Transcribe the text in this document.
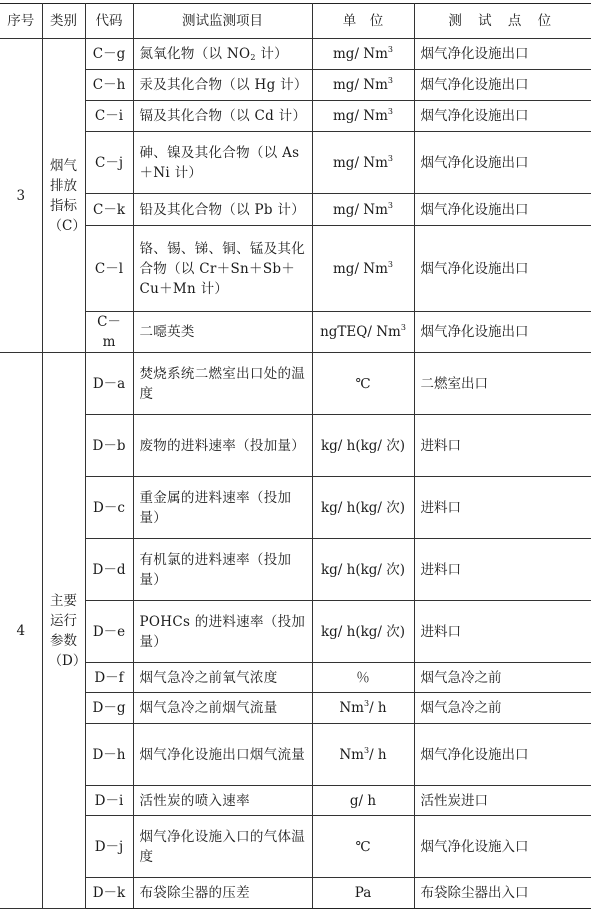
序号	类别	代码	测试监测项目	单　位	测 试 点 位
3	烟气排放指标（C）	C－g	氮氧化物（以 $NO_2$ 计）	mg/ Nm$^3$	烟气净化设施出口
		C－h	汞及其化合物（以 Hg 计）	mg/ Nm$^3$	烟气净化设施出口
		C－i	镉及其化合物（以 Cd 计）	mg/ Nm$^3$	烟气净化设施出口
		C－j	砷、镍及其化合物（以 As＋Ni 计）	mg/ Nm$^3$	烟气净化设施出口
		C－k	铅及其化合物（以 Pb 计）	mg/ Nm$^3$	烟气净化设施出口
		C－l	铬、锡、锑、铜、锰及其化合物（以 Cr＋Sn＋Sb＋Cu＋Mn 计）	mg/ Nm$^3$	烟气净化设施出口
		C－m	二噁英类	ngTEQ/ Nm$^3$	烟气净化设施出口
4	主要运行参数（D）	D－a	焚烧系统二燃室出口处的温度	℃	二燃室出口
		D－b	废物的进料速率（投加量）	kg/ h(kg/ 次)	进料口
		D－c	重金属的进料速率（投加量）	kg/ h(kg/ 次)	进料口
		D－d	有机氯的进料速率（投加量）	kg/ h(kg/ 次)	进料口
		D－e	POHCs 的进料速率（投加量）	kg/ h(kg/ 次)	进料口
		D－f	烟气急冷之前氧气浓度	％	烟气急冷之前
		D－g	烟气急冷之前烟气流量	Nm$^3$/ h	烟气急冷之前
		D－h	烟气净化设施出口烟气流量	Nm$^3$/ h	烟气净化设施出口
		D－i	活性炭的喷入速率	g/ h	活性炭进口
		D－j	烟气净化设施入口的气体温度	℃	烟气净化设施入口
		D－k	布袋除尘器的压差	Pa	布袋除尘器出入口
